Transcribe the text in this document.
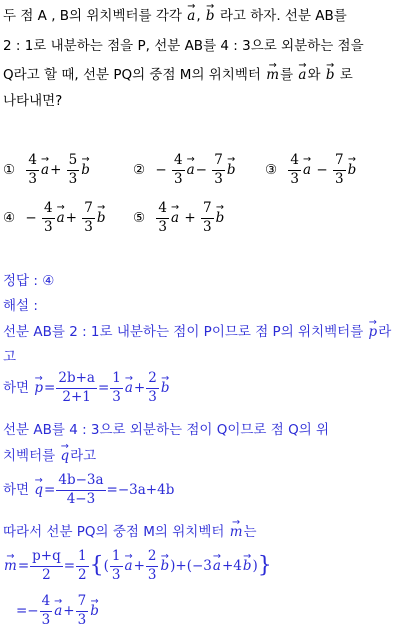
두 점 A , B의 위치벡터를 각각 → a, → b 라고 하자. 선분 AB를
2 : 1로 내분하는 점을 P, 선분 AB를 4 : 3으로 외분하는 점을
Q라고 할 때, 선분 PQ의 중점 M의 위치벡터 → m를 → a와 → b 로
나타내면?
① $\frac{4}{3}$
→ $a+ \frac{5}{3}$
→ b	② − $\frac{4}{3}$
→ $a- \frac{7}{3}$
→ b ③ $\frac{4}{3}$
→ $a - \frac{7}{3}$
→ b
④ − $\frac{4}{3}$
→ $a+ \frac{7}{3}$
→ b ⑤ $\frac{4}{3}$
→ $a + \frac{7}{3}$
→ b
정답 : ④
해설 :
선분 AB를 2 : 1로 내분하는 점이 P이므로 점 P의 위치벡터를 → p라
고
하면 → $p= \frac{2b+a}{2+1} = \frac{1}{3}$
→ $a+ \frac{2}{3}$
→ b
선분 AB를 4 : 3으로 외분하는 점이 Q이므로 점 Q의 위
치벡터를 → q라고
하면 → $q= \frac{4b-3a}{4-3} =-3a+4b$
따라서 선분 PQ의 중점 M의 위치벡터 → m는
→ $m= \frac{p+q}{2} = \frac{1}{2}$ {( $\frac{1}{3}$
→ $a+ \frac{2}{3}$
→ b)+(−3→ a+4→ b)}
=− $\frac{4}{3}$
→ $a+ \frac{7}{3}$
→ b
